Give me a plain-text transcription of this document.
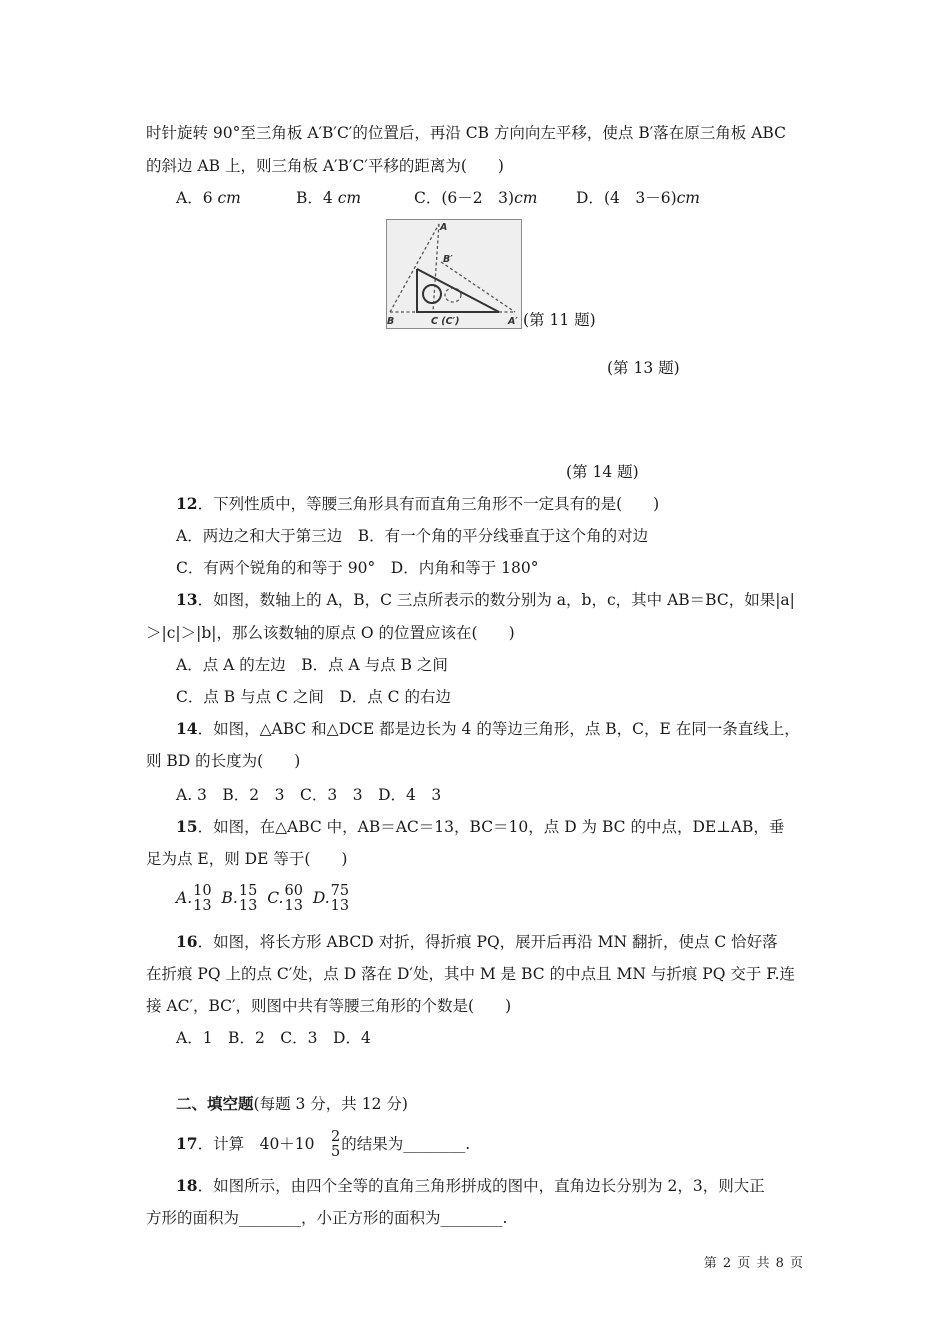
时针旋转 90°至三角板 A′B′C′的位置后，再沿 CB 方向向左平移，使点 B′落在原三角板 ABC
的斜边 AB 上，则三角板 A′B′C′平移的距离为(　　)
A．6 cm	B．4 cm	C．(6－2　3)cm D．(4　3－6)cm
A
B′
B	C (C′)	A′ (第 11 题)
(第 13 题)
(第 14 题)
12．下列性质中，等腰三角形具有而直角三角形不一定具有的是(　　)
A．两边之和大于第三边　B．有一个角的平分线垂直于这个角的对边
C．有两个锐角的和等于 90°　D．内角和等于 180°
13．如图，数轴上的 A，B，C 三点所表示的数分别为 a，b，c，其中 AB＝BC，如果|a|
＞|c|＞|b|，那么该数轴的原点 O 的位置应该在(　　)
A．点 A 的左边　B．点 A 与点 B 之间
C．点 B 与点 C 之间　D．点 C 的右边
14．如图，△ABC 和△DCE 都是边长为 4 的等边三角形，点 B，C，E 在同一条直线上，
则 BD 的长度为(　　)
A. 3　B．2　3　C．3　3　D．4　3
15．如图，在△ABC 中，AB＝AC＝13，BC＝10，点 D 为 BC 的中点，DE⊥AB，垂
足为点 E，则 DE 等于(　　)
A. 10
13 B. 15
13 C. 60
13 D. 75
13
16．如图，将长方形 ABCD 对折，得折痕 PQ，展开后再沿 MN 翻折，使点 C 恰好落
在折痕 PQ 上的点 C′处，点 D 落在 D′处，其中 M 是 BC 的中点且 MN 与折痕 PQ 交于 F.连
接 AC′，BC′，则图中共有等腰三角形的个数是(　　)
A．1　B．2　C．3　D．4
二、填空题(每题 3 分，共 12 分)
17．计算　40＋10　 2
5 的结果为________.
18．如图所示，由四个全等的直角三角形拼成的图中，直角边长分别为 2，3，则大正
方形的面积为________，小正方形的面积为________.
第 2 页 共 8 页
